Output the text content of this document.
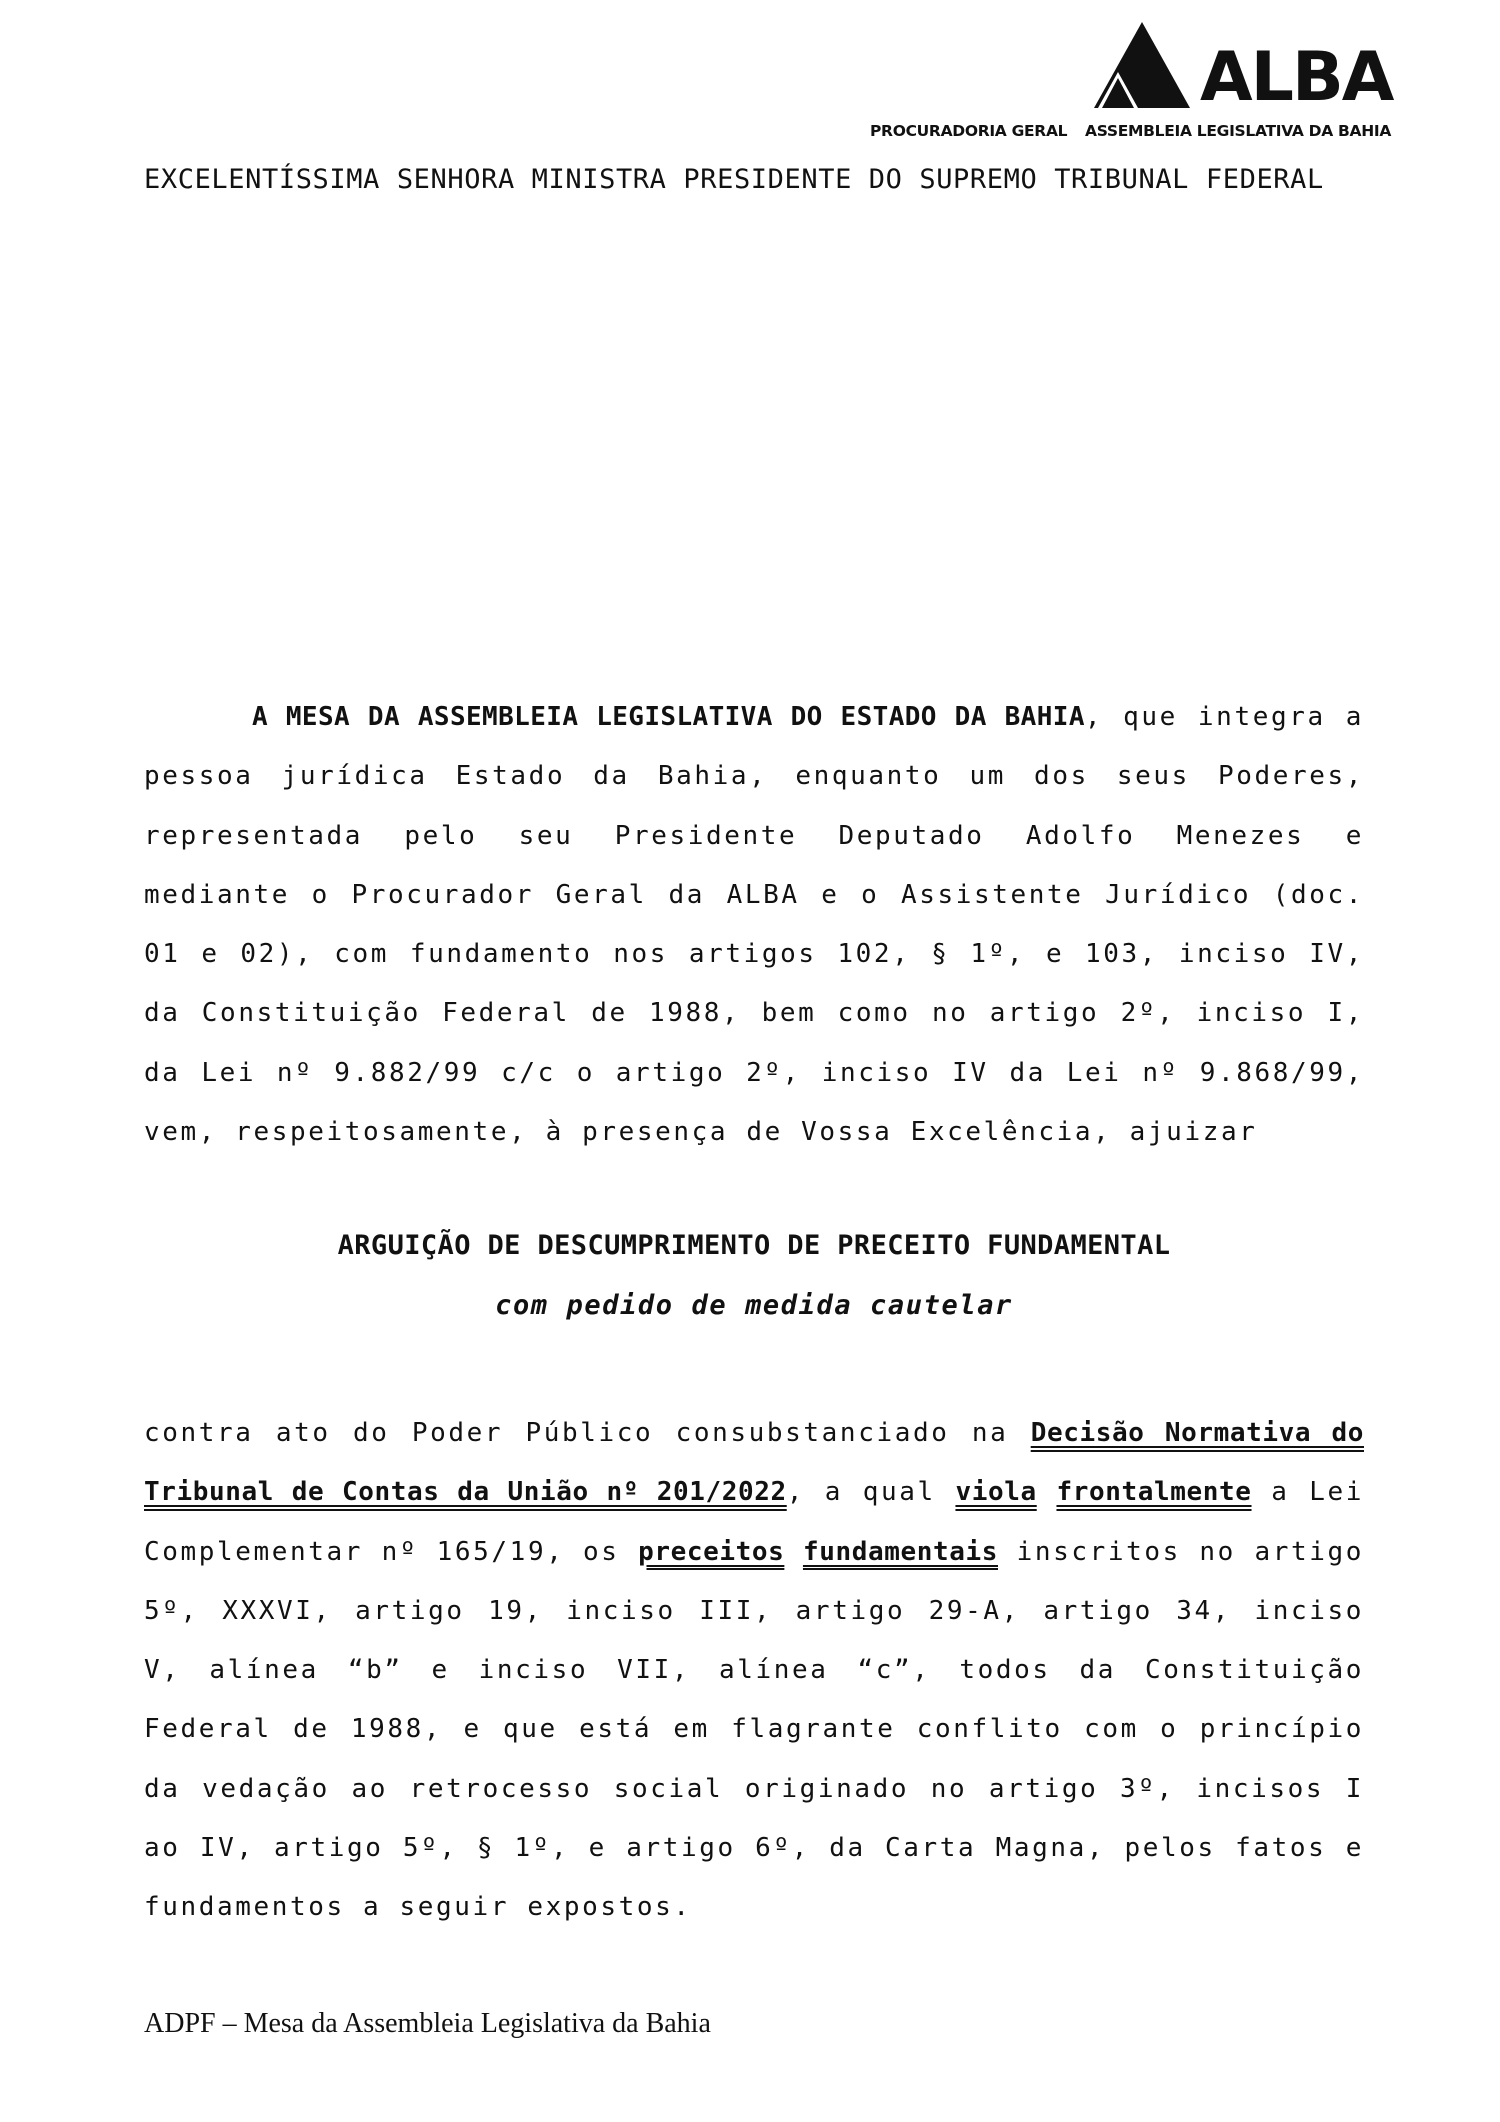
ALBA
PROCURADORIA GERAL ASSEMBLEIA LEGISLATIVA DA BAHIA
EXCELENTÍSSIMA SENHORA MINISTRA PRESIDENTE DO SUPREMO TRIBUNAL FEDERAL
A MESA DA ASSEMBLEIA LEGISLATIVA DO ESTADO DA BAHIA, que integra a pessoa jurídica Estado da Bahia, enquanto um dos seus Poderes, representada pelo seu Presidente Deputado Adolfo Menezes e mediante o Procurador Geral da ALBA e o Assistente Jurídico (doc. 01 e 02), com fundamento nos artigos 102, § 1º, e 103, inciso IV, da Constituição Federal de 1988, bem como no artigo 2º, inciso I, da Lei nº 9.882/99 c/c o artigo 2º, inciso IV da Lei nº 9.868/99, vem, respeitosamente, à presença de Vossa Excelência, ajuizar
ARGUIÇÃO DE DESCUMPRIMENTO DE PRECEITO FUNDAMENTAL
com pedido de medida cautelar
contra ato do Poder Público consubstanciado na Decisão Normativa do Tribunal de Contas da União nº 201/2022, a qual viola frontalmente a Lei Complementar nº 165/19, os preceitos fundamentais inscritos no artigo 5º, XXXVI, artigo 19, inciso III, artigo 29-A, artigo 34, inciso V, alínea “b” e inciso VII, alínea “c”, todos da Constituição Federal de 1988, e que está em flagrante conflito com o princípio da vedação ao retrocesso social originado no artigo 3º, incisos I ao IV, artigo 5º, § 1º, e artigo 6º, da Carta Magna, pelos fatos e fundamentos a seguir expostos.
ADPF – Mesa da Assembleia Legislativa da Bahia
